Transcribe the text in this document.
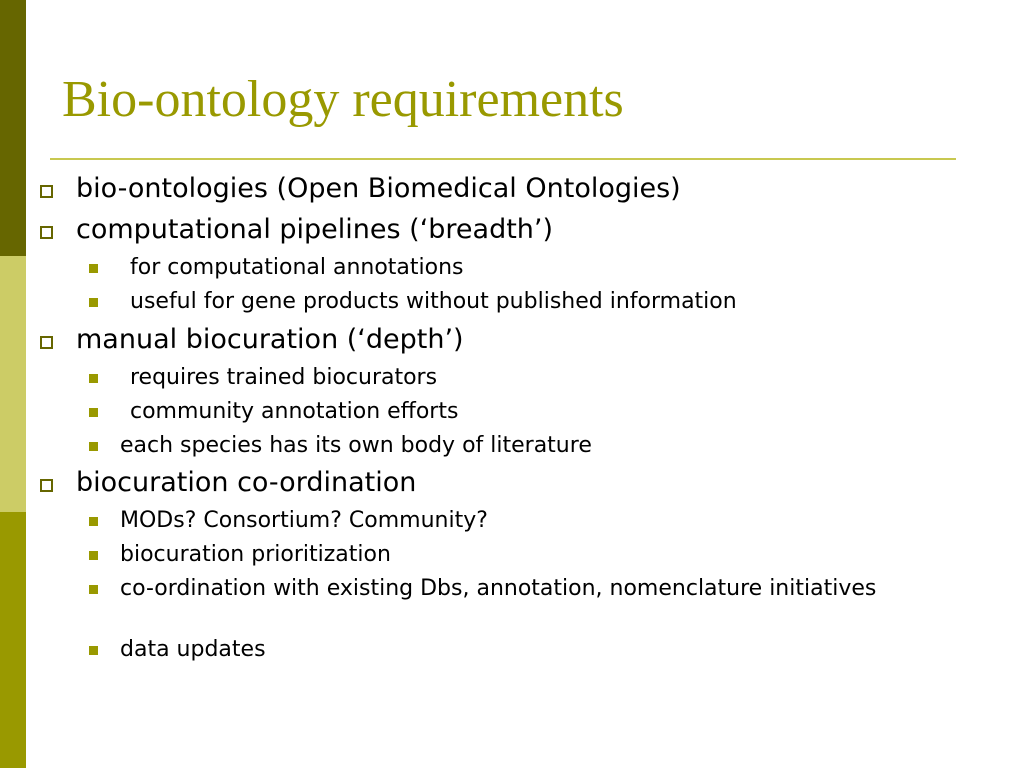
Bio-ontology requirements
bio-ontologies (Open Biomedical Ontologies)
computational pipelines (‘breadth’)
for computational annotations
useful for gene products without published information
manual biocuration (‘depth’)
requires trained biocurators
community annotation efforts
each species has its own body of literature
biocuration co-ordination
MODs? Consortium? Community?
biocuration prioritization
co-ordination with existing Dbs, annotation, nomenclature initiatives
data updates
